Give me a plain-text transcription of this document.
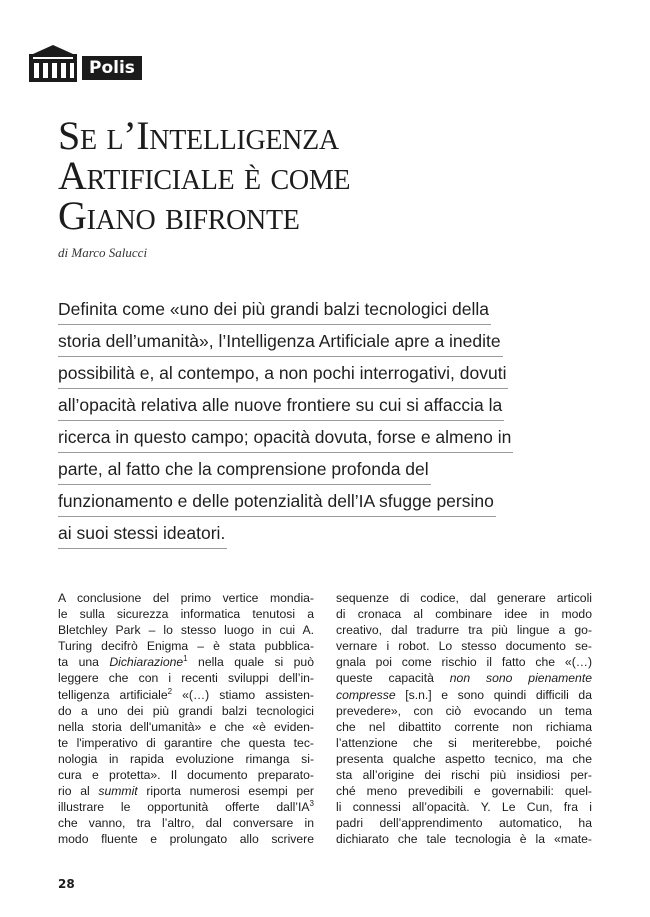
Polis
Se l’Intelligenza
Artificiale è come
Giano bifronte
di Marco Salucci
Definita come «uno dei più grandi balzi tecnologici della
storia dell’umanità», l’Intelligenza Artificiale apre a inedite
possibilità e, al contempo, a non pochi interrogativi, dovuti
all’opacità relativa alle nuove frontiere su cui si affaccia la
ricerca in questo campo; opacità dovuta, forse e almeno in
parte, al fatto che la comprensione profonda del
funzionamento e delle potenzialità dell’IA sfugge persino
ai suoi stessi ideatori.
A conclusione del primo vertice mondia-
le sulla sicurezza informatica tenutosi a
Bletchley Park – lo stesso luogo in cui A.
Turing decifrò Enigma – è stata pubblica-
ta una Dichiarazione$^1$ nella quale si può
leggere che con i recenti sviluppi dell’in-
telligenza artificiale$^2$ «(…) stiamo assisten-
do a uno dei più grandi balzi tecnologici
nella storia dell'umanità» e che «è eviden-
te l'imperativo di garantire che questa tec-
nologia in rapida evoluzione rimanga si-
cura e protetta». Il documento preparato-
rio al summit riporta numerosi esempi per
illustrare le opportunità offerte $dall’IA^3$
che vanno, tra l’altro, dal conversare in
modo fluente e prolungato allo scrivere
sequenze di codice, dal generare articoli
di cronaca al combinare idee in modo
creativo, dal tradurre tra più lingue a go-
vernare i robot. Lo stesso documento se-
gnala poi come rischio il fatto che «(…)
queste capacità non sono pienamente
compresse [s.n.] e sono quindi difficili da
prevedere», con ciò evocando un tema
che nel dibattito corrente non richiama
l’attenzione che si meriterebbe, poiché
presenta qualche aspetto tecnico, ma che
sta all’origine dei rischi più insidiosi per-
ché meno prevedibili e governabili: quel-
li connessi all’opacità. Y. Le Cun, fra i
padri dell’apprendimento automatico, ha
dichiarato che tale tecnologia è la «mate-
28
